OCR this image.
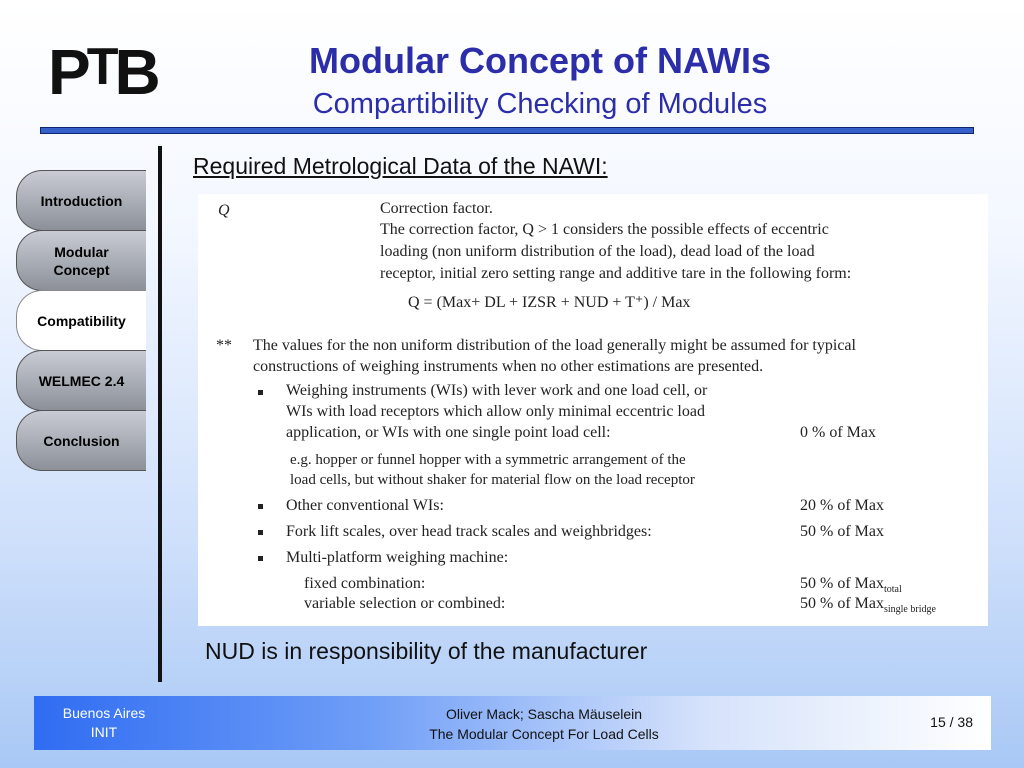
PTB	Modular Concept of NAWIs
Compartibility Checking of Modules
Introduction
Modular Concept
Compatibility
WELMEC 2.4
Conclusion
Required Metrological Data of the NAWI:
Q	Correction factor.
The correction factor, Q > 1 considers the possible effects of eccentric
loading (non uniform distribution of the load), dead load of the load
receptor, initial zero setting range and additive tare in the following form:
Q = (Max+ DL + IZSR + NUD + T⁺) / Max
** The values for the non uniform distribution of the load generally might be assumed for typical
constructions of weighing instruments when no other estimations are presented.
Weighing instruments (WIs) with lever work and one load cell, or
WIs with load receptors which allow only minimal eccentric load
application, or WIs with one single point load cell:	0 % of Max
e.g. hopper or funnel hopper with a symmetric arrangement of the
load cells, but without shaker for material flow on the load receptor
Other conventional WIs:	20 % of Max
Fork lift scales, over head track scales and weighbridges:	50 % of Max
Multi-platform weighing machine:
fixed combination:	50 % of Max$_{total}$
variable selection or combined:	50 % of Max$_{single bridge}$
NUD is in responsibility of the manufacturer
Buenos Aires
INIT
Oliver Mack; Sascha Mäuselein
The Modular Concept For Load Cells
15 / 38
